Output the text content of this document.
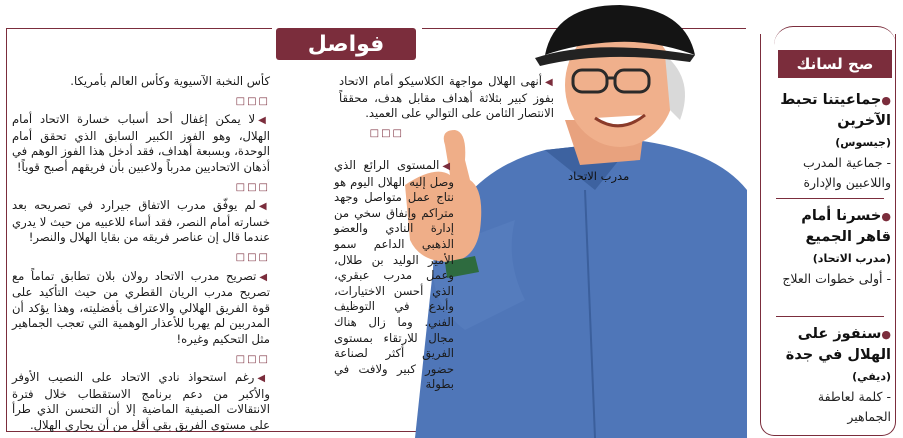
فواصل

كأس النخبة الآسيوية وكأس العالم بأمريكا.

□□□

◀لا يمكن إغفال أحد أسباب خسارة الاتحاد أمام الهلال، وهو الفوز الكبير السابق الذي تحقق أمام الوحدة، وبسبعة أهداف، فقد أدخل هذا الفوز الوهم في أذهان الاتحاديين مدرباً ولاعبين بأن فريقهم أصبح قوياً!

□□□

◀لم يوفّق مدرب الاتفاق جيرارد في تصريحه بعد خسارته أمام النصر، فقد أساء للاعبيه من حيث لا يدري عندما قال إن عناصر فريقه من بقايا الهلال والنصر!

□□□

◀تصريح مدرب الاتحاد رولان بلان تطابق تماماً مع تصريح مدرب الريان القطري من حيث التأكيد على قوة الفريق الهلالي والاعتراف بأفضليته، وهذا يؤكد أن المدربين لم يهربا للأعذار الوهمية التي تعجب الجماهير مثل التحكيم وغيره!

□□□

◀رغم استحواذ نادي الاتحاد على النصيب الأوفر والأكبر من دعم برنامج الاستقطاب خلال فترة الانتقالات الصيفية الماضية إلا أن التحسن الذي طرأ على مستوى الفريق بقي أقل من أن يجاري الهلال.

مدرب الاتحاد

◀أنهى الهلال مواجهة الكلاسيكو أمام الاتحاد بفوز كبير بثلاثة أهداف مقابل هدف، محققاً الانتصار الثامن على التوالي على العميد.

□□□

◀المستوى الرائع الذي وصل إليه الهلال اليوم هو نتاج عمل متواصل وجهد متراكم وإنفاق سخي من إدارة النادي والعضو الذهبي الداعم سمو الأمير الوليد بن طلال، وعمل مدرب عبقري، الذي أحسن الاختيارات، وأبدع في التوظيف الفني. وما زال هناك مجال للارتقاء بمستوى الفريق أكثر لصناعة حضور كبير ولافت في بطولة

صح لسانك
●جماعيتنا تحبط الآخرين
(جيسوس)
- جماعية المدرب واللاعبين والإدارة
●خسرنا أمام قاهر الجميع
(مدرب الاتحاد)
- أولى خطوات العلاج
●سنفوز على الهلال في جدة
(ديفي)
- كلمة لعاطفة الجماهير
